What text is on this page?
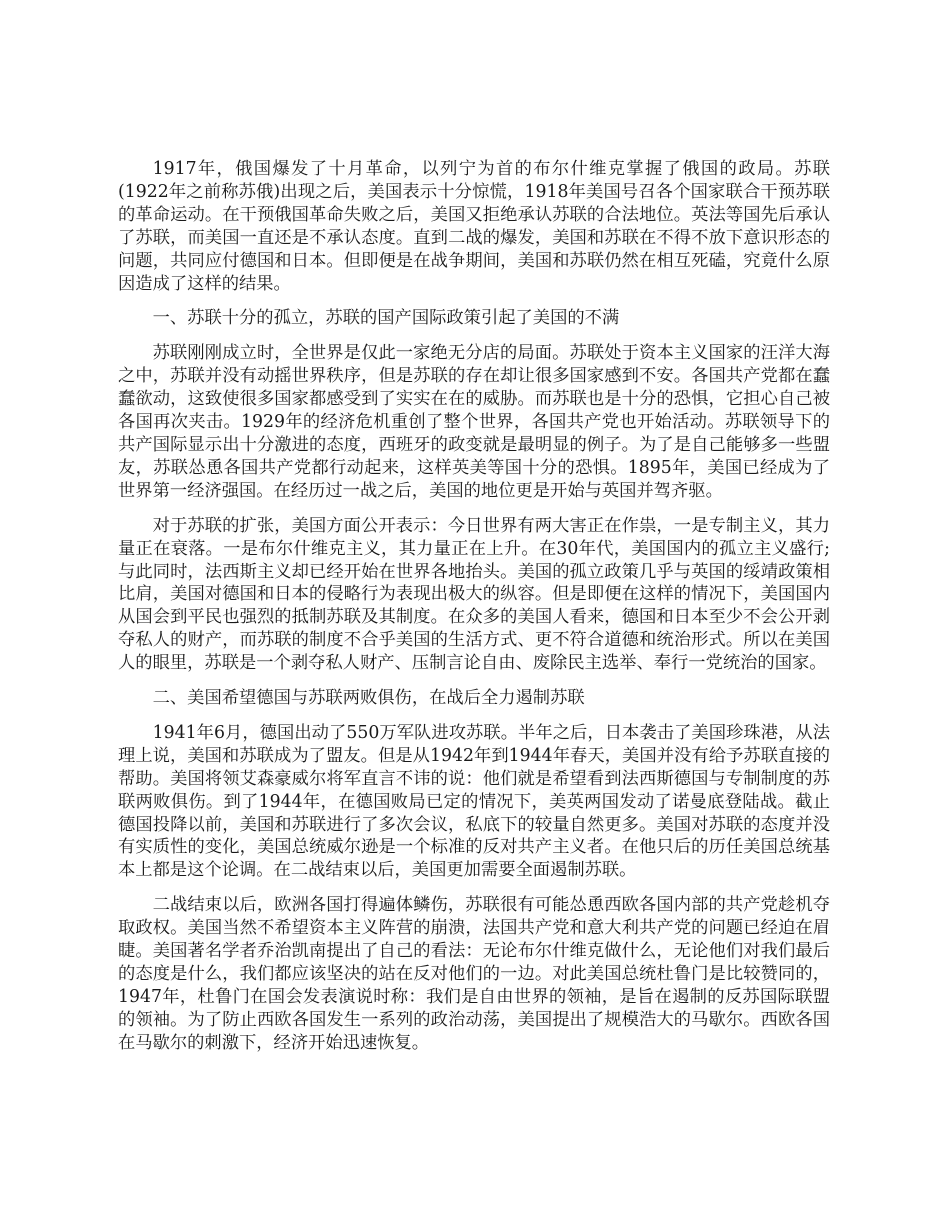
1917年，俄国爆发了十月革命，以列宁为首的布尔什维克掌握了俄国的政局。苏联(1922年之前称苏俄)出现之后，美国表示十分惊慌，1918年美国号召各个国家联合干预苏联的革命运动。在干预俄国革命失败之后，美国又拒绝承认苏联的合法地位。英法等国先后承认了苏联，而美国一直还是不承认态度。直到二战的爆发，美国和苏联在不得不放下意识形态的问题，共同应付德国和日本。但即便是在战争期间，美国和苏联仍然在相互死磕，究竟什么原因造成了这样的结果。

一、苏联十分的孤立，苏联的国产国际政策引起了美国的不满

苏联刚刚成立时，全世界是仅此一家绝无分店的局面。苏联处于资本主义国家的汪洋大海之中，苏联并没有动摇世界秩序，但是苏联的存在却让很多国家感到不安。各国共产党都在蠢蠢欲动，这致使很多国家都感受到了实实在在的威胁。而苏联也是十分的恐惧，它担心自己被各国再次夹击。1929年的经济危机重创了整个世界，各国共产党也开始活动。苏联领导下的共产国际显示出十分激进的态度，西班牙的政变就是最明显的例子。为了是自己能够多一些盟友，苏联怂恿各国共产党都行动起来，这样英美等国十分的恐惧。1895年，美国已经成为了世界第一经济强国。在经历过一战之后，美国的地位更是开始与英国并驾齐驱。

对于苏联的扩张，美国方面公开表示：今日世界有两大害正在作祟，一是专制主义，其力量正在衰落。一是布尔什维克主义，其力量正在上升。在30年代，美国国内的孤立主义盛行;与此同时，法西斯主义却已经开始在世界各地抬头。美国的孤立政策几乎与英国的绥靖政策相比肩，美国对德国和日本的侵略行为表现出极大的纵容。但是即便在这样的情况下，美国国内从国会到平民也强烈的抵制苏联及其制度。在众多的美国人看来，德国和日本至少不会公开剥夺私人的财产，而苏联的制度不合乎美国的生活方式、更不符合道德和统治形式。所以在美国人的眼里，苏联是一个剥夺私人财产、压制言论自由、废除民主选举、奉行一党统治的国家。

二、美国希望德国与苏联两败俱伤，在战后全力遏制苏联

1941年6月，德国出动了550万军队进攻苏联。半年之后，日本袭击了美国珍珠港，从法理上说，美国和苏联成为了盟友。但是从1942年到1944年春天，美国并没有给予苏联直接的帮助。美国将领艾森豪威尔将军直言不讳的说：他们就是希望看到法西斯德国与专制制度的苏联两败俱伤。到了1944年，在德国败局已定的情况下，美英两国发动了诺曼底登陆战。截止德国投降以前，美国和苏联进行了多次会议，私底下的较量自然更多。美国对苏联的态度并没有实质性的变化，美国总统威尔逊是一个标准的反对共产主义者。在他只后的历任美国总统基本上都是这个论调。在二战结束以后，美国更加需要全面遏制苏联。

二战结束以后，欧洲各国打得遍体鳞伤，苏联很有可能怂恿西欧各国内部的共产党趁机夺取政权。美国当然不希望资本主义阵营的崩溃，法国共产党和意大利共产党的问题已经迫在眉睫。美国著名学者乔治凯南提出了自己的看法：无论布尔什维克做什么，无论他们对我们最后的态度是什么，我们都应该坚决的站在反对他们的一边。对此美国总统杜鲁门是比较赞同的，1947年，杜鲁门在国会发表演说时称：我们是自由世界的领袖，是旨在遏制的反苏国际联盟的领袖。为了防止西欧各国发生一系列的政治动荡，美国提出了规模浩大的马歇尔。西欧各国在马歇尔的刺激下，经济开始迅速恢复。
